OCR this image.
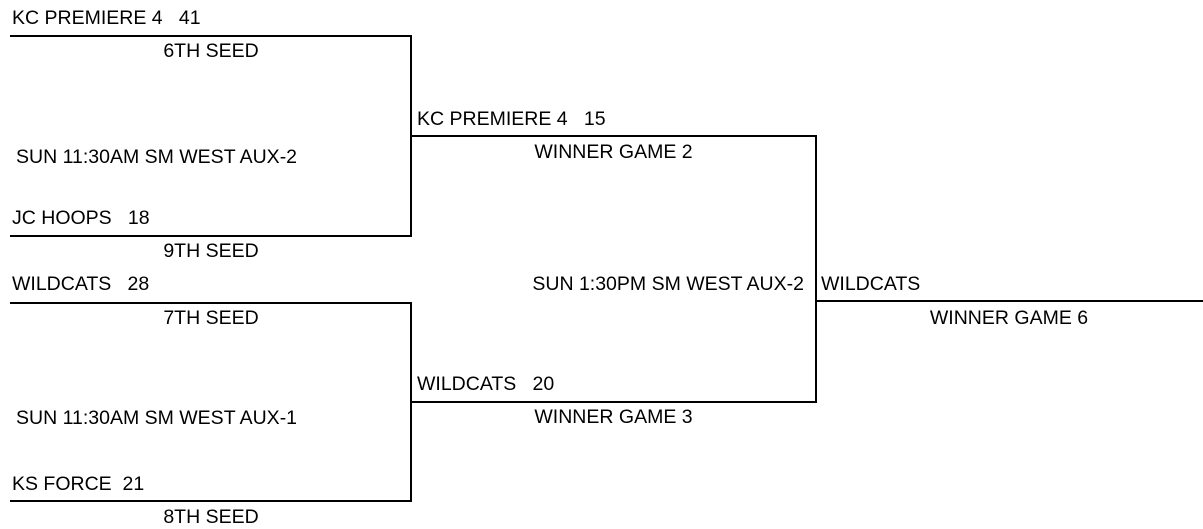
KC PREMIERE 4   41
6TH SEED
SUN 11:30AM SM WEST AUX-2
JC HOOPS   18
9TH SEED
WILDCATS   28
7TH SEED
SUN 11:30AM SM WEST AUX-1
KS FORCE  21
8TH SEED
KC PREMIERE 4   15
WINNER GAME 2
SUN 1:30PM SM WEST AUX-2
WILDCATS   20
WINNER GAME 3
WILDCATS
WINNER GAME 6
